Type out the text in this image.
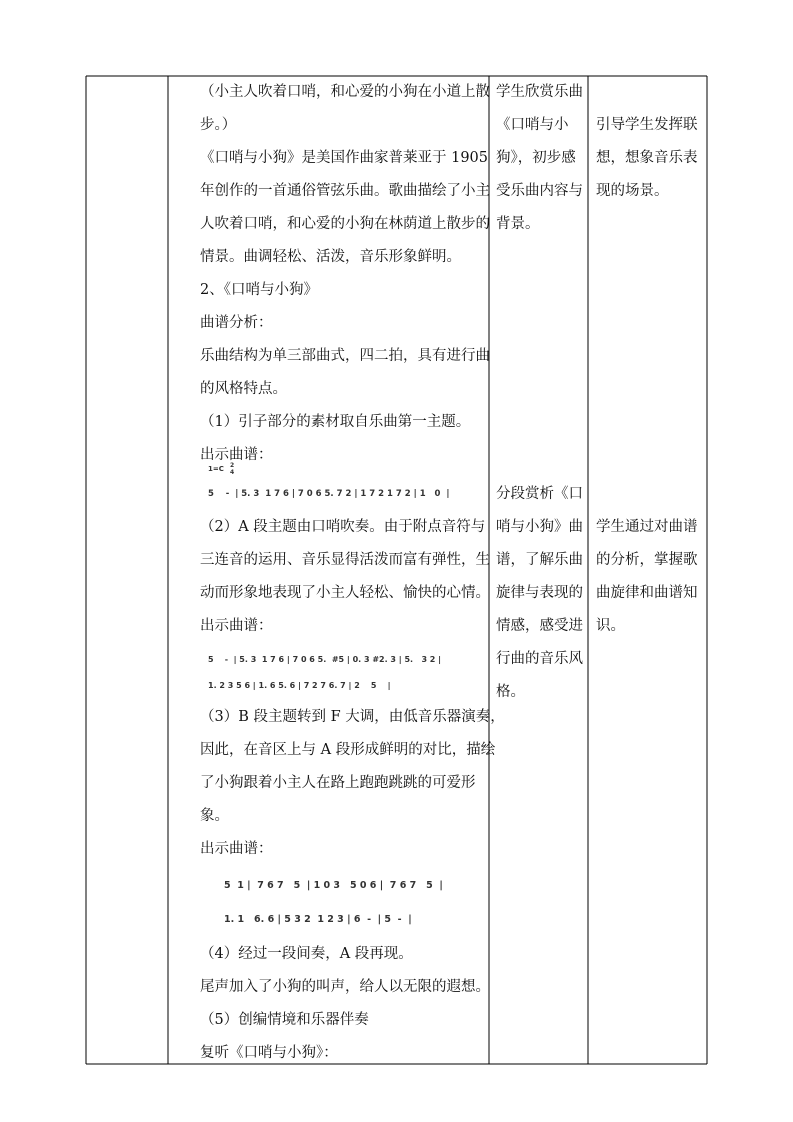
（小主人吹着口哨，和心爱的小狗在小道上散
步。）
《口哨与小狗》是美国作曲家普莱亚于 1905
年创作的一首通俗管弦乐曲。歌曲描绘了小主
人吹着口哨，和心爱的小狗在林荫道上散步的
情景。曲调轻松、活泼，音乐形象鲜明。
2、《口哨与小狗》
曲谱分析：
乐曲结构为单三部曲式，四二拍，具有进行曲
的风格特点。
（1）引子部分的素材取自乐曲第一主题。
出示曲谱：
1=C 2
4
5    -  | 5. 3  1 7 6 | 7 0 6 5. 7 2 | 1 7 2 1 7 2 | 1   0  |
（2）A 段主题由口哨吹奏。由于附点音符与
三连音的运用、音乐显得活泼而富有弹性，生
动而形象地表现了小主人轻松、愉快的心情。
出示曲谱：
5    -  | 5. 3  1 7 6 | 7 0 6 5.  #5 | 0. 3 #2. 3 | 5.   3 2 |
1. 2 3 5 6 | 1. 6 5. 6 | 7 2 7 6. 7 | 2    5    |
（3）B 段主题转到 F 大调，由低音乐器演奏，
因此，在音区上与 A 段形成鲜明的对比，描绘
了小狗跟着小主人在路上跑跑跳跳的可爱形
象。
出示曲谱：
5  1 |  7 6 7   5  | 1 0 3   5 0 6 |  7 6 7   5  |
1. 1   6. 6 | 5 3 2  1 2 3 | 6  -  | 5  -  |
（4）经过一段间奏，A 段再现。
尾声加入了小狗的叫声，给人以无限的遐想。
（5）创编情境和乐器伴奏
复听《口哨与小狗》：
学生欣赏乐曲
《口哨与小
狗》，初步感
受乐曲内容与
背景。
分段赏析《口
哨与小狗》曲
谱，了解乐曲
旋律与表现的
情感，感受进
行曲的音乐风
格。
引导学生发挥联
想，想象音乐表
现的场景。
学生通过对曲谱
的分析，掌握歌
曲旋律和曲谱知
识。
